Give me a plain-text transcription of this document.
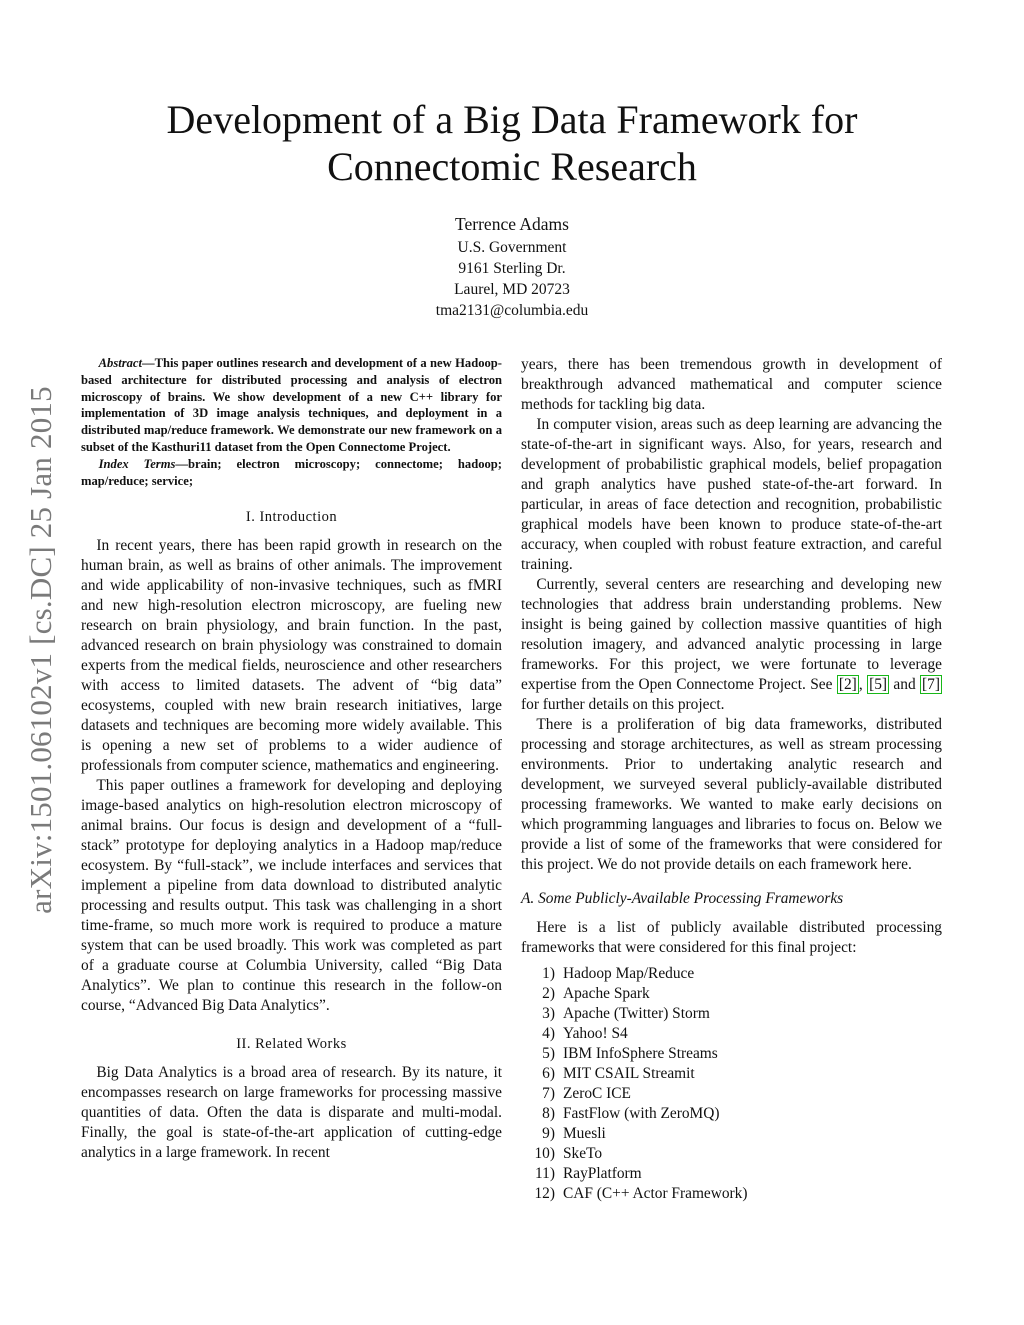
arXiv:1501.06102v1 [cs.DC] 25 Jan 2015
Development of a Big Data Framework for
Connectomic Research
Terrence Adams
U.S. Government
9161 Sterling Dr.
Laurel, MD 20723
tma2131@columbia.edu

Abstract—This paper outlines research and development of a new Hadoop-based architecture for distributed processing and analysis of electron microscopy of brains. We show development of a new C++ library for implementation of 3D image analysis techniques, and deployment in a distributed map/reduce framework. We demonstrate our new framework on a subset of the Kasthuri11 dataset from the Open Connectome Project.

Index Terms—brain; electron microscopy; connectome; hadoop; map/reduce; service;

I. Introduction

In recent years, there has been rapid growth in research on the human brain, as well as brains of other animals. The improvement and wide applicability of non-invasive techniques, such as fMRI and new high-resolution electron microscopy, are fueling new research on brain physiology, and brain function. In the past, advanced research on brain physiology was constrained to domain experts from the medical fields, neuroscience and other researchers with access to limited datasets. The advent of “big data” ecosystems, coupled with new brain research initiatives, large datasets and techniques are becoming more widely available. This is opening a new set of problems to a wider audience of professionals from computer science, mathematics and engineering.

This paper outlines a framework for developing and deploying image-based analytics on high-resolution electron microscopy of animal brains. Our focus is design and development of a “full-stack” prototype for deploying analytics in a Hadoop map/reduce ecosystem. By “full-stack”, we include interfaces and services that implement a pipeline from data download to distributed analytic processing and results output. This task was challenging in a short time-frame, so much more work is required to produce a mature system that can be used broadly. This work was completed as part of a graduate course at Columbia University, called “Big Data Analytics”. We plan to continue this research in the follow-on course, “Advanced Big Data Analytics”.

II. Related Works

Big Data Analytics is a broad area of research. By its nature, it encompasses research on large frameworks for processing massive quantities of data. Often the data is disparate and multi-modal. Finally, the goal is state-of-the-art application of cutting-edge analytics in a large framework. In recent

years, there has been tremendous growth in development of breakthrough advanced mathematical and computer science methods for tackling big data.

In computer vision, areas such as deep learning are advancing the state-of-the-art in significant ways. Also, for years, research and development of probabilistic graphical models, belief propagation and graph analytics have pushed state-of-the-art forward. In particular, in areas of face detection and recognition, probabilistic graphical models have been known to produce state-of-the-art accuracy, when coupled with robust feature extraction, and careful training.

Currently, several centers are researching and developing new technologies that address brain understanding problems. New insight is being gained by collection massive quantities of high resolution imagery, and advanced analytic processing in large frameworks. For this project, we were fortunate to leverage expertise from the Open Connectome Project. See [2] , [5] and [7] for further details on this project.

There is a proliferation of big data frameworks, distributed processing and storage architectures, as well as stream processing environments. Prior to undertaking analytic research and development, we surveyed several publicly-available distributed processing frameworks. We wanted to make early decisions on which programming languages and libraries to focus on. Below we provide a list of some of the frameworks that were considered for this project. We do not provide details on each framework here.

A. Some Publicly-Available Processing Frameworks

Here is a list of publicly available distributed processing frameworks that were considered for this final project:

1) Hadoop Map/Reduce
2) Apache Spark
3) Apache (Twitter) Storm
4) Yahoo! S4
5) IBM InfoSphere Streams
6) MIT CSAIL Streamit
7) ZeroC ICE
8) FastFlow (with ZeroMQ)
9) Muesli
10) SkeTo
11) RayPlatform
12) CAF (C++ Actor Framework)
